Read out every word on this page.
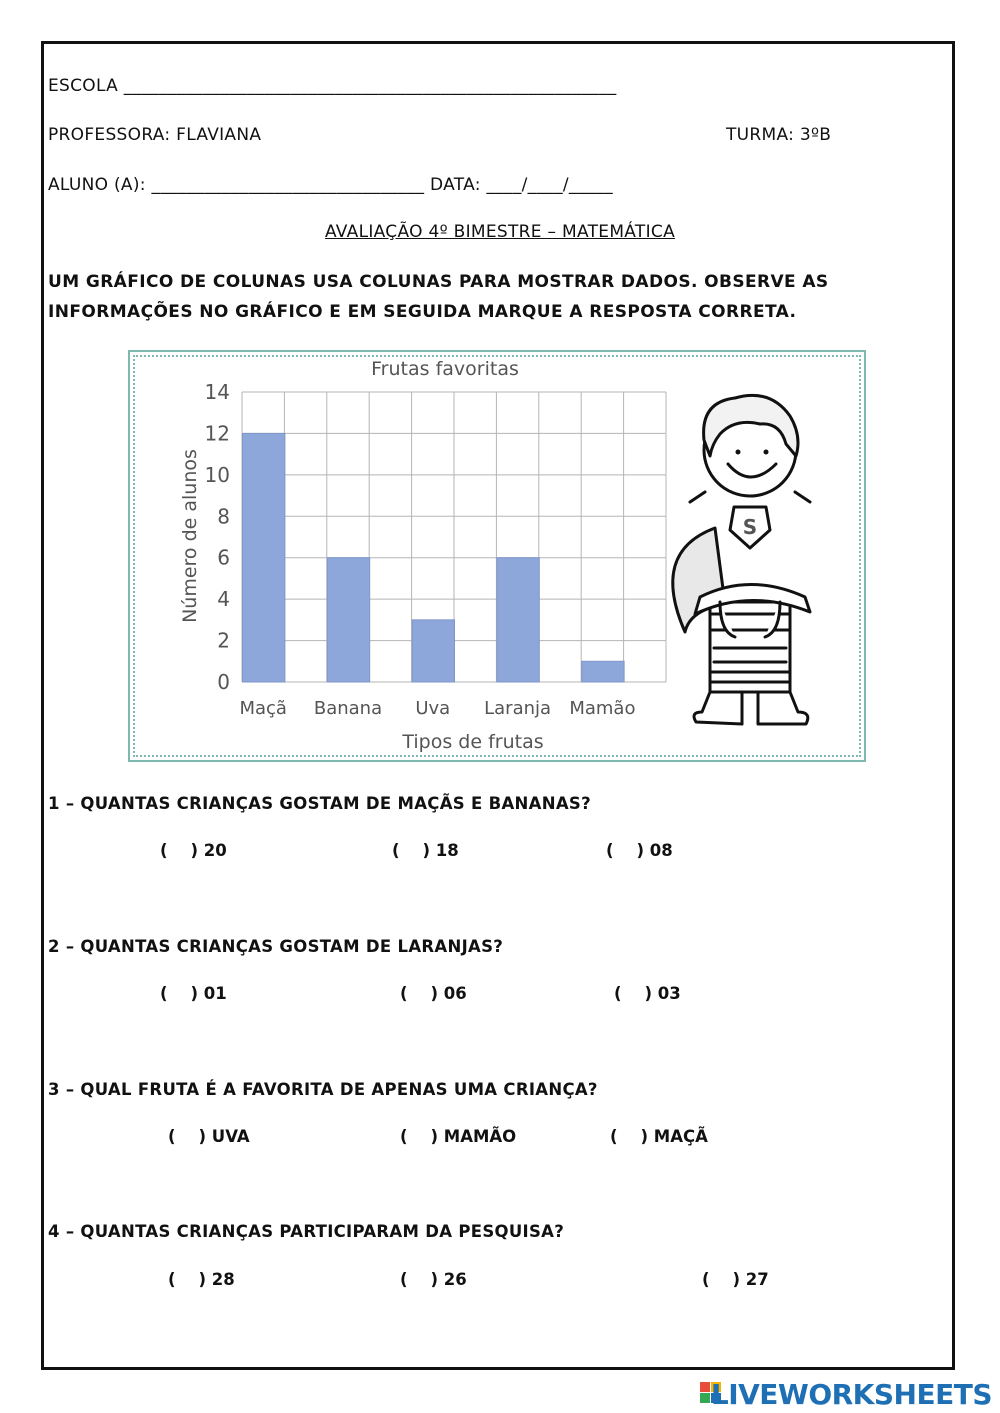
ESCOLA ________________________________________________________
PROFESSORA: FLAVIANA	TURMA: 3ºB
ALUNO (A): _______________________________ DATA: ____/____/_____
AVALIAÇÃO 4º BIMESTRE – MATEMÁTICA
UM GRÁFICO DE COLUNAS USA COLUNAS PARA MOSTRAR DADOS. OBSERVE AS
INFORMAÇÕES NO GRÁFICO E EM SEGUIDA MARQUE A RESPOSTA CORRETA.
0
2
4
6
8
10
12
14
Maçã Banana Uva Laranja Mamão
Frutas favoritas
Tipos de frutas
Número de alunos	S
1 – QUANTAS CRIANÇAS GOSTAM DE MAÇÃS E BANANAS?
(    ) 20	(    ) 18	(    ) 08
2 – QUANTAS CRIANÇAS GOSTAM DE LARANJAS?
(    ) 01	(    ) 06	(    ) 03
3 – QUAL FRUTA É A FAVORITA DE APENAS UMA CRIANÇA?
(    ) UVA	(    ) MAMÃO	(    ) MAÇÃ
4 – QUANTAS CRIANÇAS PARTICIPARAM DA PESQUISA?
(    ) 28	(    ) 26	(    ) 27
LIVEWORKSHEETS
